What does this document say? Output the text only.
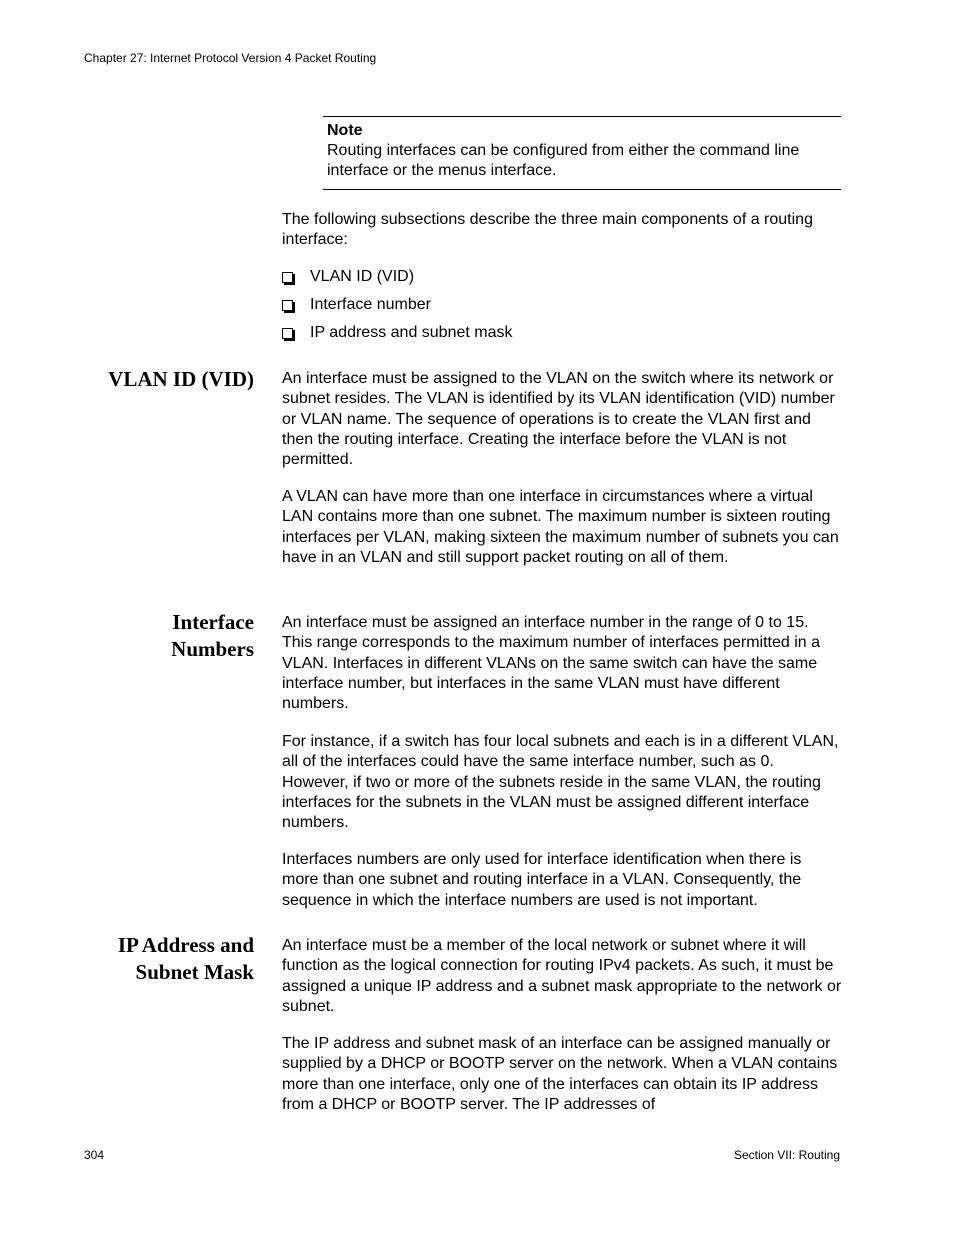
Chapter 27: Internet Protocol Version 4 Packet Routing
Note
Routing interfaces can be configured from either the command line interface or the menus interface.
The following subsections describe the three main components of a routing interface:
VLAN ID (VID)
Interface number
IP address and subnet mask
VLAN ID (VID) An interface must be assigned to the VLAN on the switch where its network or subnet resides. The VLAN is identified by its VLAN identification (VID) number or VLAN name. The sequence of operations is to create the VLAN first and then the routing interface. Creating the interface before the VLAN is not permitted.
A VLAN can have more than one interface in circumstances where a virtual LAN contains more than one subnet. The maximum number is sixteen routing interfaces per VLAN, making sixteen the maximum number of subnets you can have in an VLAN and still support packet routing on all of them.
Interface
Numbers
An interface must be assigned an interface number in the range of 0 to 15. This range corresponds to the maximum number of interfaces permitted in a VLAN. Interfaces in different VLANs on the same switch can have the same interface number, but interfaces in the same VLAN must have different numbers.
For instance, if a switch has four local subnets and each is in a different VLAN, all of the interfaces could have the same interface number, such as 0. However, if two or more of the subnets reside in the same VLAN, the routing interfaces for the subnets in the VLAN must be assigned different interface numbers.
Interfaces numbers are only used for interface identification when there is more than one subnet and routing interface in a VLAN. Consequently, the sequence in which the interface numbers are used is not important.
IP Address and
Subnet Mask
An interface must be a member of the local network or subnet where it will function as the logical connection for routing IPv4 packets. As such, it must be assigned a unique IP address and a subnet mask appropriate to the network or subnet.
The IP address and subnet mask of an interface can be assigned manually or supplied by a DHCP or BOOTP server on the network. When a VLAN contains more than one interface, only one of the interfaces can obtain its IP address from a DHCP or BOOTP server. The IP addresses of
304	Section VII: Routing
